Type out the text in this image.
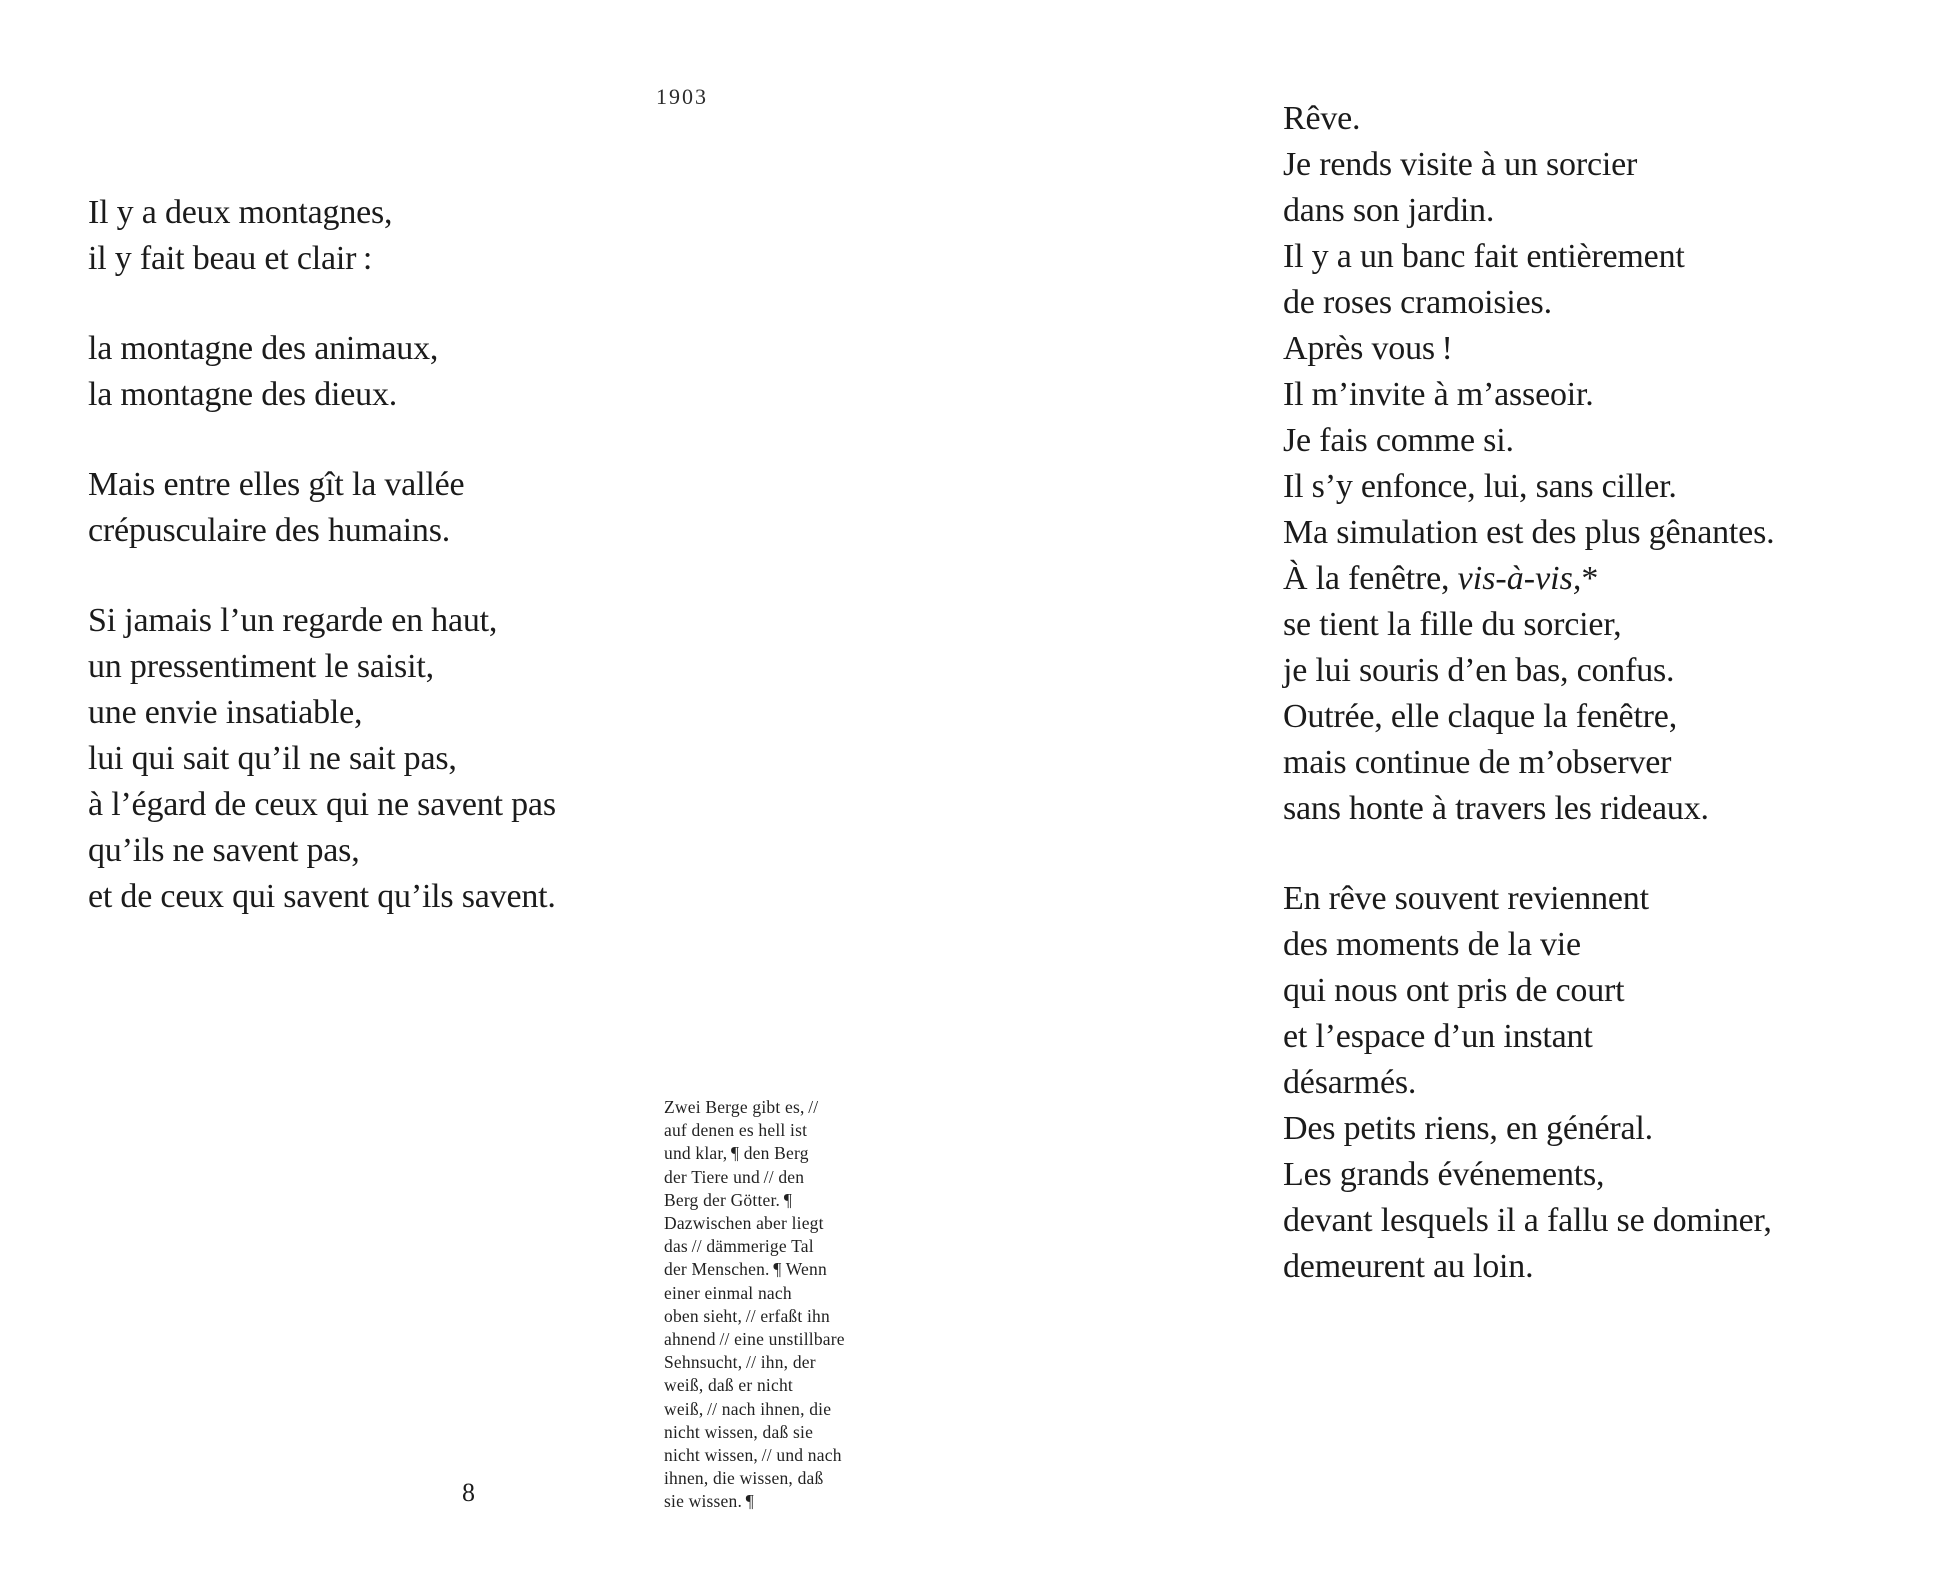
1903
Il y a deux montagnes,
il y fait beau et clair :
la montagne des animaux,
la montagne des dieux.
Mais entre elles gît la vallée
crépusculaire des humains.
Si jamais l’un regarde en haut,
un pressentiment le saisit,
une envie insatiable,
lui qui sait qu’il ne sait pas,
à l’égard de ceux qui ne savent pas
qu’ils ne savent pas,
et de ceux qui savent qu’ils savent.
Zwei Berge gibt es, //
auf denen es hell ist
und klar, ¶ den Berg
der Tiere und // den
Berg der Götter. ¶
Dazwischen aber liegt
das // dämmerige Tal
der Menschen. ¶ Wenn
einer einmal nach
oben sieht, // erfaßt ihn
ahnend // eine unstillbare
Sehnsucht, // ihn, der
weiß, daß er nicht
weiß, // nach ihnen, die
nicht wissen, daß sie
nicht wissen, // und nach
ihnen, die wissen, daß
sie wissen. ¶
8
Rêve.
Je rends visite à un sorcier
dans son jardin.
Il y a un banc fait entièrement
de roses cramoisies.
Après vous !
Il m’invite à m’asseoir.
Je fais comme si.
Il s’y enfonce, lui, sans ciller.
Ma simulation est des plus gênantes.
À la fenêtre, vis-à-vis,*
se tient la fille du sorcier,
je lui souris d’en bas, confus.
Outrée, elle claque la fenêtre,
mais continue de m’observer
sans honte à travers les rideaux.
En rêve souvent reviennent
des moments de la vie
qui nous ont pris de court
et l’espace d’un instant
désarmés.
Des petits riens, en général.
Les grands événements,
devant lesquels il a fallu se dominer,
demeurent au loin.
